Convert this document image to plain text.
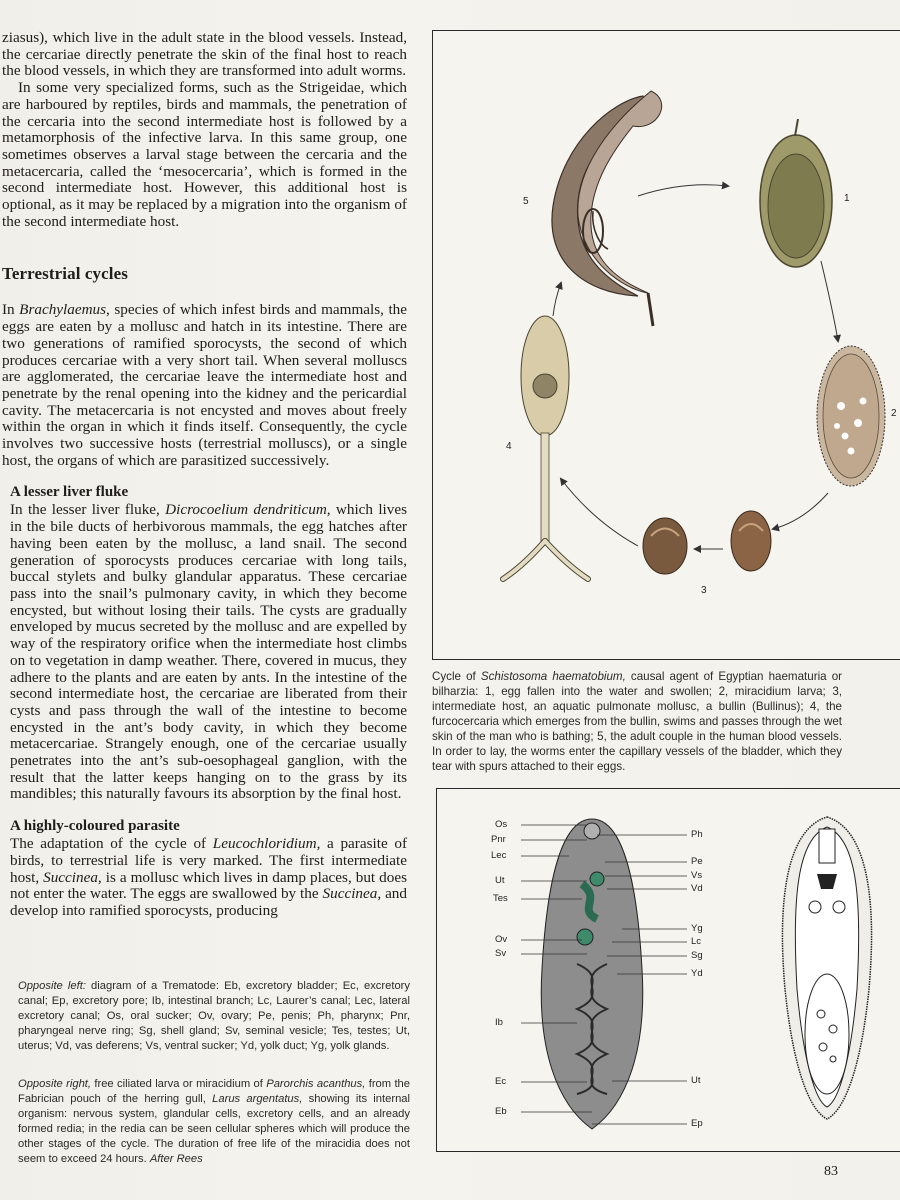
ziasus), which live in the adult state in the blood vessels. Instead, the cercariae directly penetrate the skin of the final host to reach the blood vessels, in which they are transformed into adult worms.

In some very specialized forms, such as the Strigeidae, which are harboured by reptiles, birds and mammals, the penetration of the cercaria into the second intermediate host is followed by a metamorphosis of the infective larva. In this same group, one sometimes observes a larval stage between the cercaria and the metacercaria, called the ‘mesocercaria’, which is formed in the second intermediate host. However, this additional host is optional, as it may be replaced by a migration into the organism of the second intermediate host.

Terrestrial cycles

In Brachylaemus, species of which infest birds and mammals, the eggs are eaten by a mollusc and hatch in its intestine. There are two generations of ramified sporocysts, the second of which produces cercariae with a very short tail. When several molluscs are agglomerated, the cercariae leave the intermediate host and penetrate by the renal opening into the kidney and the pericardial cavity. The metacercaria is not encysted and moves about freely within the organ in which it finds itself. Consequently, the cycle involves two successive hosts (terrestrial molluscs), or a single host, the organs of which are parasitized successively.

A lesser liver fluke

In the lesser liver fluke, Dicrocoelium dendriticum, which lives in the bile ducts of herbivorous mammals, the egg hatches after having been eaten by the mollusc, a land snail. The second generation of sporocysts produces cercariae with long tails, buccal stylets and bulky glandular apparatus. These cercariae pass into the snail’s pulmonary cavity, in which they become encysted, but without losing their tails. The cysts are gradually enveloped by mucus secreted by the mollusc and are expelled by way of the respiratory orifice when the intermediate host climbs on to vegetation in damp weather. There, covered in mucus, they adhere to the plants and are eaten by ants. In the intestine of the second intermediate host, the cercariae are liberated from their cysts and pass through the wall of the intestine to become encysted in the ant’s body cavity, in which they become metacercariae. Strangely enough, one of the cercariae usually penetrates into the ant’s sub-oesophageal ganglion, with the result that the latter keeps hanging on to the grass by its mandibles; this naturally favours its absorption by the final host.

A highly-coloured parasite

The adaptation of the cycle of Leucochloridium, a parasite of birds, to terrestrial life is very marked. The first intermediate host, Succinea, is a mollusc which lives in damp places, but does not enter the water. The eggs are swallowed by the Succinea, and develop into ramified sporocysts, producing

Opposite left: diagram of a Trematode: Eb, excretory bladder; Ec, excretory canal; Ep, excretory pore; Ib, intestinal branch; Lc, Laurer’s canal; Lec, lateral excretory canal; Os, oral sucker; Ov, ovary; Pe, penis; Ph, pharynx; Pnr, pharyngeal nerve ring; Sg, shell gland; Sv, seminal vesicle; Tes, testes; Ut, uterus; Vd, vas deferens; Vs, ventral sucker; Yd, yolk duct; Yg, yolk glands.
Opposite right, free ciliated larva or miracidium of Parorchis acanthus, from the Fabrician pouch of the herring gull, Larus argentatus, showing its internal organism: nervous system, glandular cells, excretory cells, and an already formed redia; in the redia can be seen cellular spheres which will produce the other stages of the cycle. The duration of free life of the miracidia does not seem to exceed 24 hours. After Rees
5	1
2
3
4
Cycle of Schistosoma haematobium, causal agent of Egyptian haematuria or bilharzia: 1, egg fallen into the water and swollen; 2, miracidium larva; 3, intermediate host, an aquatic pulmonate mollusc, a bullin (Bullinus); 4, the furcocercaria which emerges from the bullin, swims and passes through the wet skin of the man who is bathing; 5, the adult couple in the human blood vessels. In order to lay, the worms enter the capillary vessels of the bladder, which they tear with spurs attached to their eggs.
Os
Pnr
Lec
Ut
Tes
Ov
Sv
Ib
Ec
Eb
Ph
Pe
Vs
Vd
Yg
Lc
Sg
Yd
Ut
Ep
83
